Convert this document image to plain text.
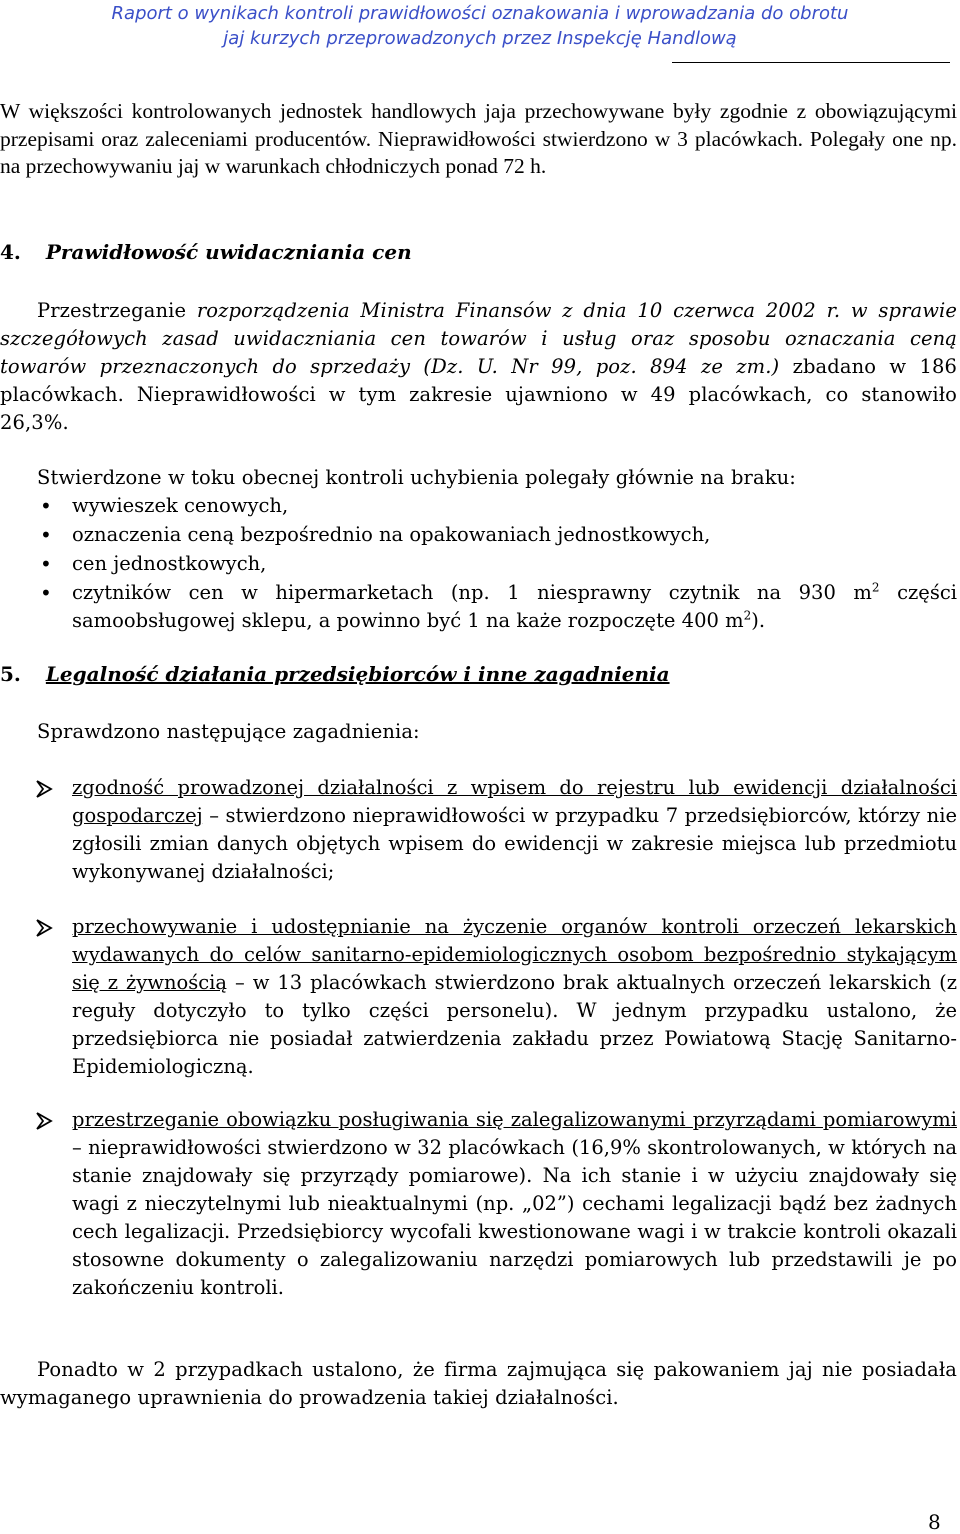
Raport o wynikach kontroli prawidłowości oznakowania i wprowadzania do obrotu
jaj kurzych przeprowadzonych przez Inspekcję Handlową

W większości kontrolowanych jednostek handlowych jaja przechowywane były zgodnie z obowiązującymi przepisami oraz zaleceniami producentów. Nieprawidłowości stwierdzono w 3 placówkach. Polegały one np. na przechowywaniu jaj w warunkach chłodniczych ponad 72 h.

4. Prawidłowość uwidaczniania cen

Przestrzeganie rozporządzenia Ministra Finansów z dnia 10 czerwca 2002 r. w sprawie szczegółowych zasad uwidaczniania cen towarów i usług oraz sposobu oznaczania ceną towarów przeznaczonych do sprzedaży (Dz. U. Nr 99, poz. 894 ze zm.) zbadano w 186 placówkach. Nieprawidłowości w tym zakresie ujawniono w 49 placówkach, co stanowiło 26,3%.

Stwierdzone w toku obecnej kontroli uchybienia polegały głównie na braku:

• wywieszek cenowych,

• oznaczenia ceną bezpośrednio na opakowaniach jednostkowych,

• cen jednostkowych,

• czytników cen w hipermarketach (np. 1 niesprawny czytnik na 930 $m^2$ części samoobsługowej sklepu, a powinno być 1 na każe rozpoczęte 400 $m^2$).

5. Legalność działania przedsiębiorców i inne zagadnienia

Sprawdzono następujące zagadnienia:

zgodność prowadzonej działalności z wpisem do rejestru lub ewidencji działalności gospodarczej – stwierdzono nieprawidłowości w przypadku 7 przedsiębiorców, którzy nie zgłosili zmian danych objętych wpisem do ewidencji w zakresie miejsca lub przedmiotu wykonywanej działalności;

przechowywanie i udostępnianie na życzenie organów kontroli orzeczeń lekarskich wydawanych do celów sanitarno-epidemiologicznych osobom bezpośrednio stykającym się z żywnością – w 13 placówkach stwierdzono brak aktualnych orzeczeń lekarskich (z reguły dotyczyło to tylko części personelu). W jednym przypadku ustalono, że przedsiębiorca nie posiadał zatwierdzenia zakładu przez Powiatową Stację Sanitarno-Epidemiologiczną.

przestrzeganie obowiązku posługiwania się zalegalizowanymi przyrządami pomiarowymi – nieprawidłowości stwierdzono w 32 placówkach (16,9% skontrolowanych, w których na stanie znajdowały się przyrządy pomiarowe). Na ich stanie i w użyciu znajdowały się wagi z nieczytelnymi lub nieaktualnymi (np. „02”) cechami legalizacji bądź bez żadnych cech legalizacji. Przedsiębiorcy wycofali kwestionowane wagi i w trakcie kontroli okazali stosowne dokumenty o zalegalizowaniu narzędzi pomiarowych lub przedstawili je po zakończeniu kontroli.

Ponadto w 2 przypadkach ustalono, że firma zajmująca się pakowaniem jaj nie posiadała wymaganego uprawnienia do prowadzenia takiej działalności.

8
